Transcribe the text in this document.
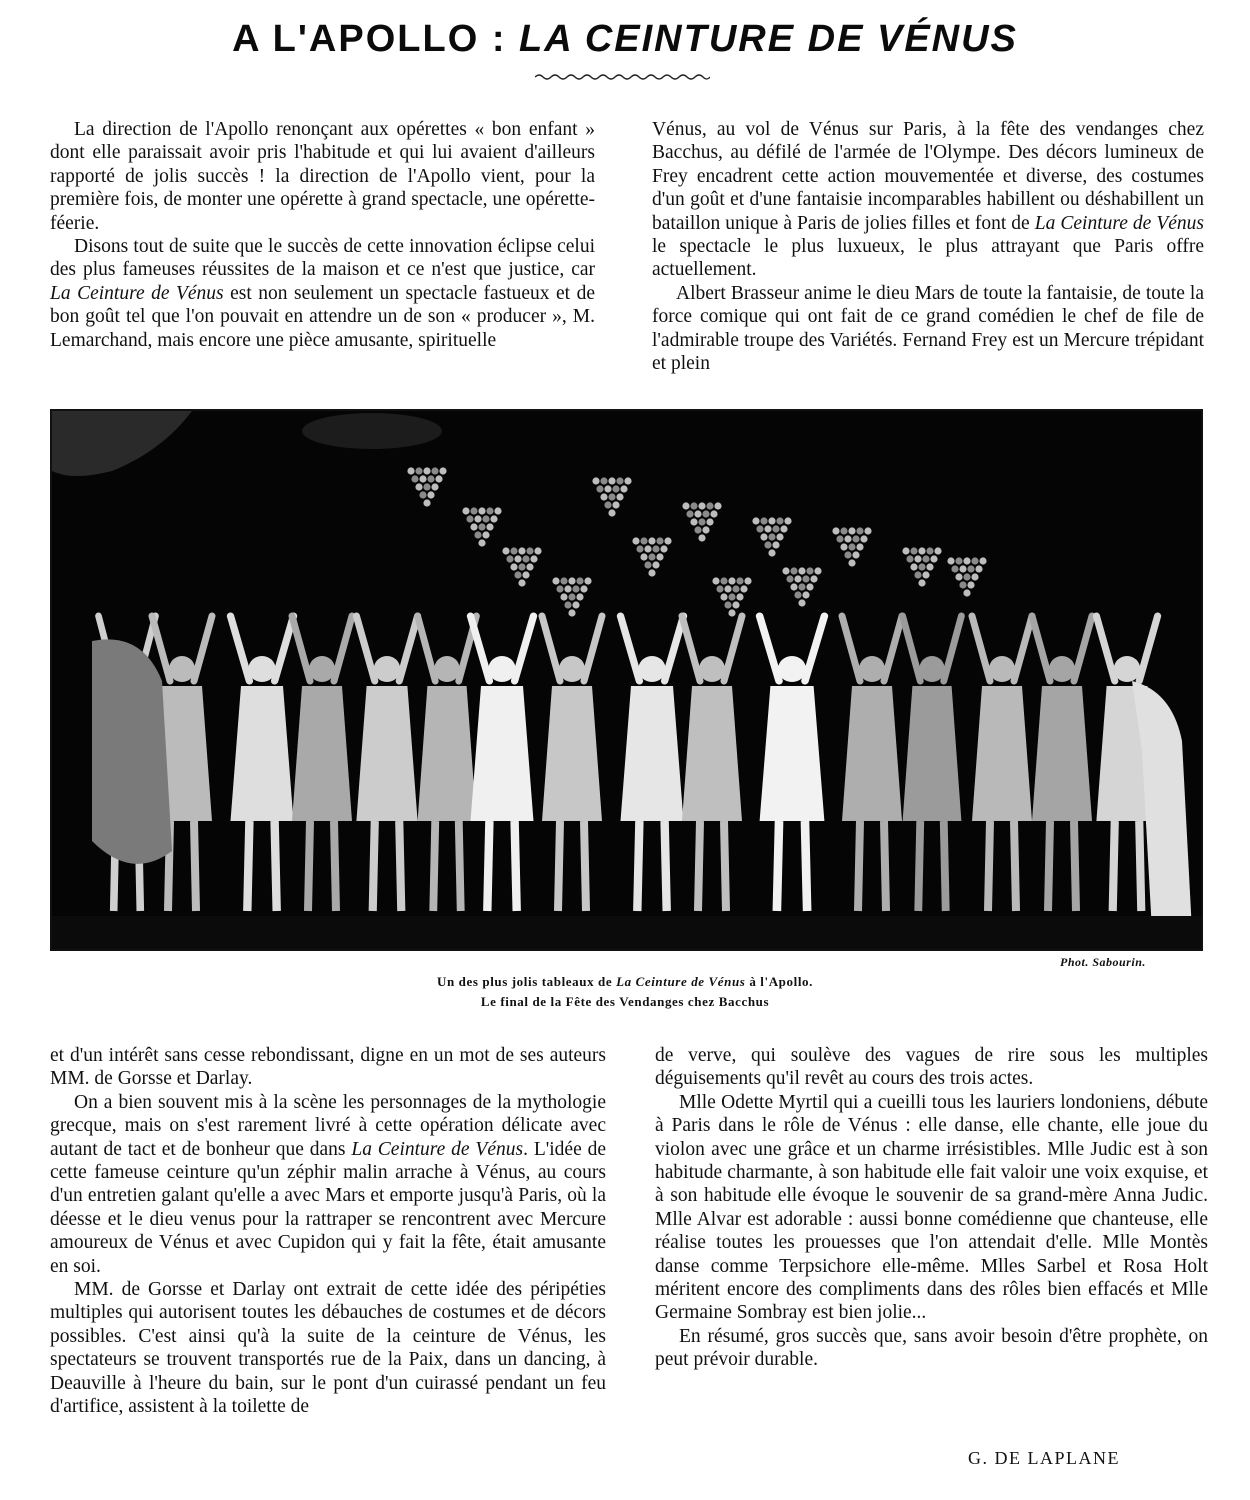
A L'APOLLO : LA CEINTURE DE VÉNUS

La direction de l'Apollo renonçant aux opérettes « bon enfant » dont elle paraissait avoir pris l'habitude et qui lui avaient d'ailleurs rapporté de jolis succès ! la direction de l'Apollo vient, pour la première fois, de monter une opérette à grand spectacle, une opérette-féerie.

Disons tout de suite que le succès de cette innovation éclipse celui des plus fameuses réussites de la maison et ce n'est que justice, car La Ceinture de Vénus est non seulement un spectacle fastueux et de bon goût tel que l'on pouvait en attendre un de son « producer », M. Lemarchand, mais encore une pièce amusante, spirituelle

Vénus, au vol de Vénus sur Paris, à la fête des vendanges chez Bacchus, au défilé de l'armée de l'Olympe. Des décors lumineux de Frey encadrent cette action mouvementée et diverse, des costumes d'un goût et d'une fantaisie incomparables habillent ou déshabillent un bataillon unique à Paris de jolies filles et font de La Ceinture de Vénus le spectacle le plus luxueux, le plus attrayant que Paris offre actuellement.

Albert Brasseur anime le dieu Mars de toute la fantaisie, de toute la force comique qui ont fait de ce grand comédien le chef de file de l'admirable troupe des Variétés. Fernand Frey est un Mercure trépidant et plein

Phot. Sabourin.
Un des plus jolis tableaux de La Ceinture de Vénus à l'Apollo.
Le final de la Fête des Vendanges chez Bacchus

et d'un intérêt sans cesse rebondissant, digne en un mot de ses auteurs MM. de Gorsse et Darlay.

On a bien souvent mis à la scène les personnages de la mythologie grecque, mais on s'est rarement livré à cette opération délicate avec autant de tact et de bonheur que dans La Ceinture de Vénus. L'idée de cette fameuse ceinture qu'un zéphir malin arrache à Vénus, au cours d'un entretien galant qu'elle a avec Mars et emporte jusqu'à Paris, où la déesse et le dieu venus pour la rattraper se rencontrent avec Mercure amoureux de Vénus et avec Cupidon qui y fait la fête, était amusante en soi.

MM. de Gorsse et Darlay ont extrait de cette idée des péripéties multiples qui autorisent toutes les débauches de costumes et de décors possibles. C'est ainsi qu'à la suite de la ceinture de Vénus, les spectateurs se trouvent transportés rue de la Paix, dans un dancing, à Deauville à l'heure du bain, sur le pont d'un cuirassé pendant un feu d'artifice, assistent à la toilette de

de verve, qui soulève des vagues de rire sous les multiples déguisements qu'il revêt au cours des trois actes.

Mlle Odette Myrtil qui a cueilli tous les lauriers londoniens, débute à Paris dans le rôle de Vénus : elle danse, elle chante, elle joue du violon avec une grâce et un charme irrésistibles. Mlle Judic est à son habitude charmante, à son habitude elle fait valoir une voix exquise, et à son habitude elle évoque le souvenir de sa grand-mère Anna Judic. Mlle Alvar est adorable : aussi bonne comédienne que chanteuse, elle réalise toutes les prouesses que l'on attendait d'elle. Mlle Montès danse comme Terpsichore elle-même. Mlles Sarbel et Rosa Holt méritent encore des compliments dans des rôles bien effacés et Mlle Germaine Sombray est bien jolie...

En résumé, gros succès que, sans avoir besoin d'être prophète, on peut prévoir durable.

G. DE LAPLANE
